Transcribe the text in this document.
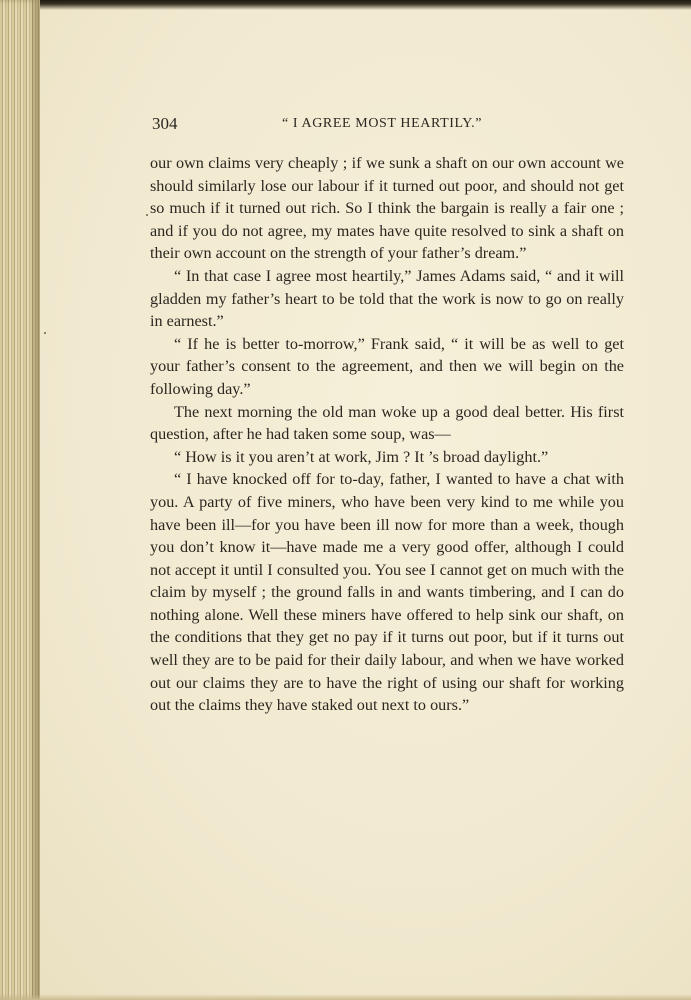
304	“ I AGREE MOST HEARTILY.”

our own claims very cheaply ; if we sunk a shaft on our own account we should similarly lose our labour if it turned out poor, and should not get so much if it turned out rich. So I think the bargain is really a fair one ; and if you do not agree, my mates have quite resolved to sink a shaft on their own account on the strength of your father’s dream.”

“ In that case I agree most heartily,” James Adams said, “ and it will gladden my father’s heart to be told that the work is now to go on really in earnest.”

“ If he is better to-morrow,” Frank said, “ it will be as well to get your father’s consent to the agreement, and then we will begin on the following day.”

The next morning the old man woke up a good deal better. His first question, after he had taken some soup, was—

“ How is it you aren’t at work, Jim ? It ’s broad daylight.”

“ I have knocked off for to-day, father, I wanted to have a chat with you. A party of five miners, who have been very kind to me while you have been ill—for you have been ill now for more than a week, though you don’t know it—have made me a very good offer, although I could not accept it until I consulted you. You see I cannot get on much with the claim by myself ; the ground falls in and wants timbering, and I can do nothing alone. Well these miners have offered to help sink our shaft, on the conditions that they get no pay if it turns out poor, but if it turns out well they are to be paid for their daily labour, and when we have worked out our claims they are to have the right of using our shaft for working out the claims they have staked out next to ours.”
